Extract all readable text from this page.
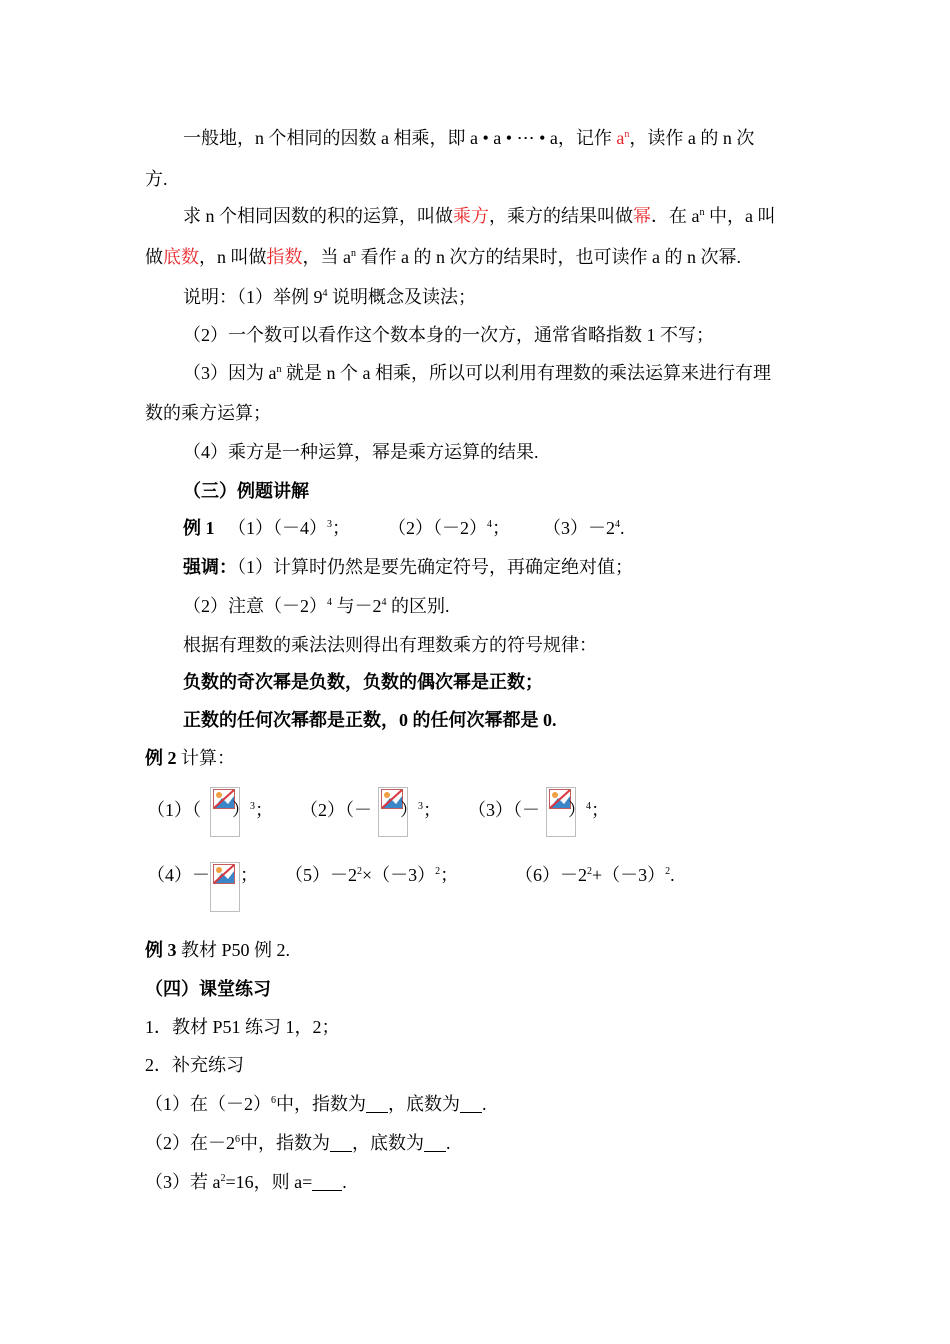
一般地，n 个相同的因数 a 相乘，即 a • a • ⋯ • a，记作 $a^n$，读作 a 的 n 次
方.
求 n 个相同因数的积的运算，叫做乘方，乘方的结果叫做幂．在 $a^n$ 中，a 叫
做底数，n 叫做指数，当 $a^n$ 看作 a 的 n 次方的结果时，也可读作 a 的 n 次幂.
说明：（1）举例 $9^4$ 说明概念及读法；
（2）一个数可以看作这个数本身的一次方，通常省略指数 1 不写；
（3）因为 $a^n$ 就是 n 个 a 相乘，所以可以利用有理数的乘法运算来进行有理
数的乘方运算；
（4）乘方是一种运算，幂是乘方运算的结果.
（三）例题讲解
例 1 $(1)(-4)^3$； $(2)(-2)^4$； $(3)-2^4$.
强调：（1）计算时仍然是要先确定符号，再确定绝对值；
（2）注意$(-2)^4$ 与$-2^4$ 的区别.
根据有理数的乘法法则得出有理数乘方的符号规律：
负数的奇次幂是负数，负数的偶次幂是正数；
正数的任何次幂都是正数，0 的任何次幂都是 0.
例 2 计算：
（1）（ ）$^3$； $(2)(- )^3$； $(3)(- )^4$；
（4）－ ； $(5)-2^2\times(-3)^2$；	$(6)-2^2+(-3)^2$.
例 3 教材 P50 例 2.
（四）课堂练习
1．教材 P51 练习 1，2；
2．补充练习
（1）在$(-2)^6$中，指数为 ，底数为 .
（2）在$-2^6$中，指数为 ，底数为 .
（3）若 $a^2=16$，则 a= .
